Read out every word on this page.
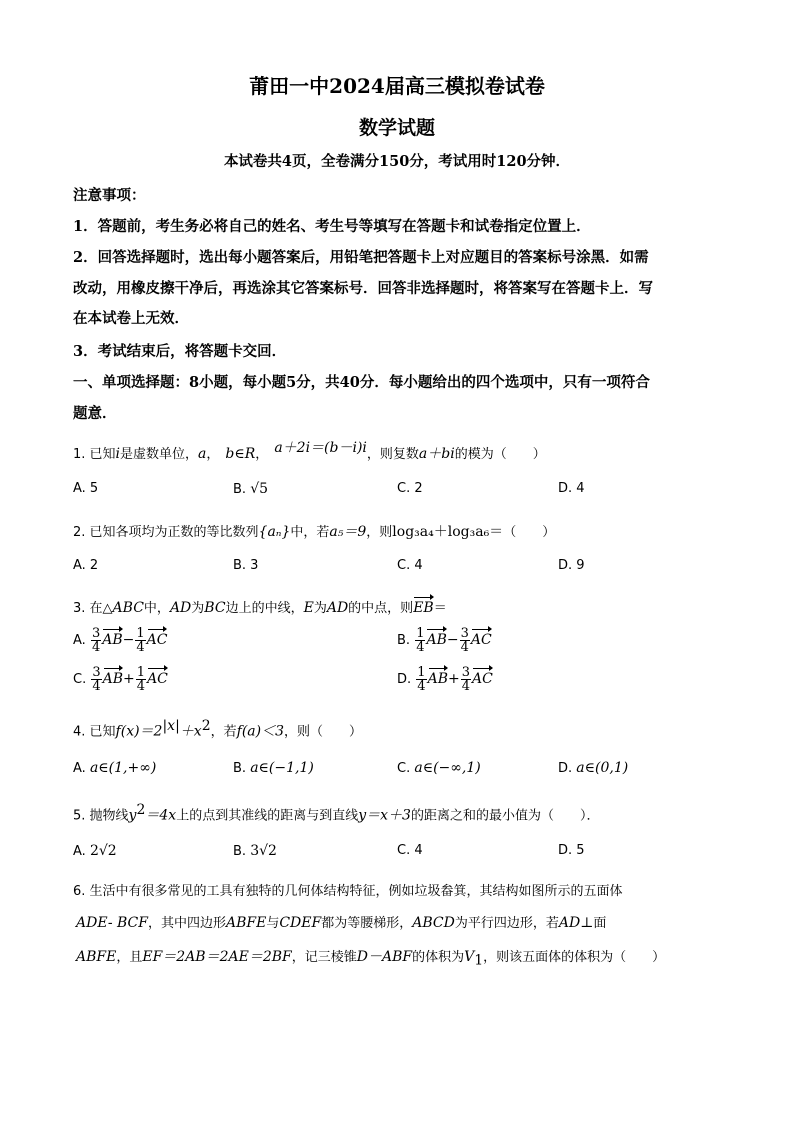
莆田一中2024届高三模拟卷试卷
数学试题
本试卷共4页，全卷满分150分，考试用时120分钟．
注意事项：
1．答题前，考生务必将自己的姓名、考生号等填写在答题卡和试卷指定位置上．
2．回答选择题时，选出每小题答案后，用铅笔把答题卡上对应题目的答案标号涂黑．如需
改动，用橡皮擦干净后，再选涂其它答案标号．回答非选择题时，将答案写在答题卡上．写
在本试卷上无效．
3．考试结束后，将答题卡交回．
一、单项选择题：8小题，每小题5分，共40分．每小题给出的四个选项中，只有一项符合
题意．
1. 已知i是虚数单位，a， b∈R， a＋2i＝(b－i)i，则复数a＋bi的模为（　　）
A. 5	B. √5	C. 2	D. 4
2. 已知各项均为正数的等比数列{aₙ}中，若a₅＝9，则log₃a₄＋log₃a₆＝（　　）
A. 2	B. 3	C. 4	D. 9
3. 在△ABC中，AD为BC边上的中线，E为AD的中点，则EB＝
A. $\frac{3}{4} AB- \frac{1}{4}$ AC	B. $\frac{1}{4} AB- \frac{3}{4}$ AC
C. $\frac{3}{4} AB+ \frac{1}{4}$ AC	D. $\frac{1}{4} AB+ \frac{3}{4}$ AC
4. 已知$f(x)=2^{|x|}+x^2$，若f(a)＜3，则（　　）
A. a∈(1,+∞)	B. a∈(−1,1)	C. a∈(−∞,1)	D. a∈(0,1)
5. 抛物线$y^2=4x$上的点到其准线的距离与到直线y＝x＋3的距离之和的最小值为（　　）．
A. 2√2	B. 3√2	C. 4	D. 5
6. 生活中有很多常见的工具有独特的几何体结构特征，例如垃圾畚箕，其结构如图所示的五面体
ADE- BCF，其中四边形ABFE与CDEF都为等腰梯形，ABCD为平行四边形，若AD⊥面
ABFE，且EF＝2AB＝2AE＝2BF，记三棱锥D－ABF的体积为$V_1$，则该五面体的体积为（　　）
